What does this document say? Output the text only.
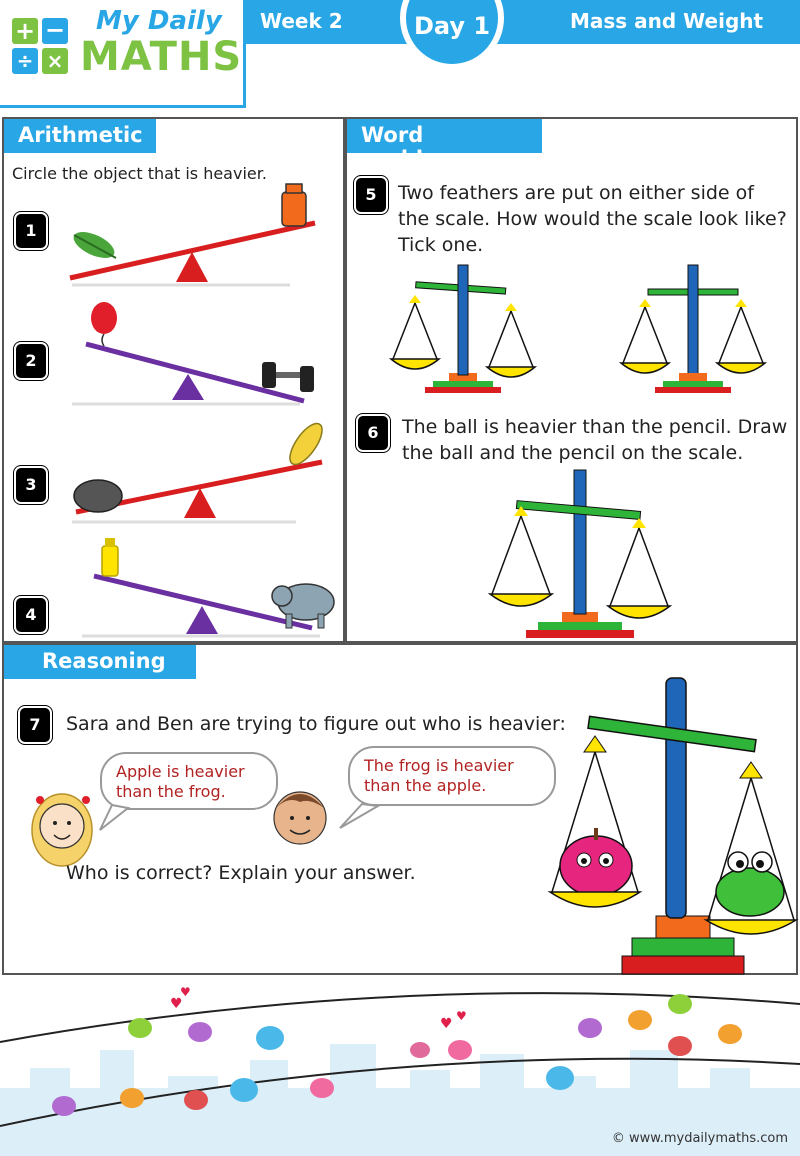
+ −
÷ ×
My Daily
MATHS
Week 2	Day 1	Mass and Weight
Arithmetic
Circle the object that is heavier.
1
2
3
4
Word problem
5	Two feathers are put on either side of the scale. How would the scale look like? Tick one.
6	The ball is heavier than the pencil. Draw the ball and the pencil on the scale.
Reasoning
7	Sara and Ben are trying to figure out who is heavier:
Apple is heavier than the frog.
The frog is heavier than the apple.
Who is correct? Explain your answer.
♥
♥
♥ ♥
© www.mydailymaths.com
